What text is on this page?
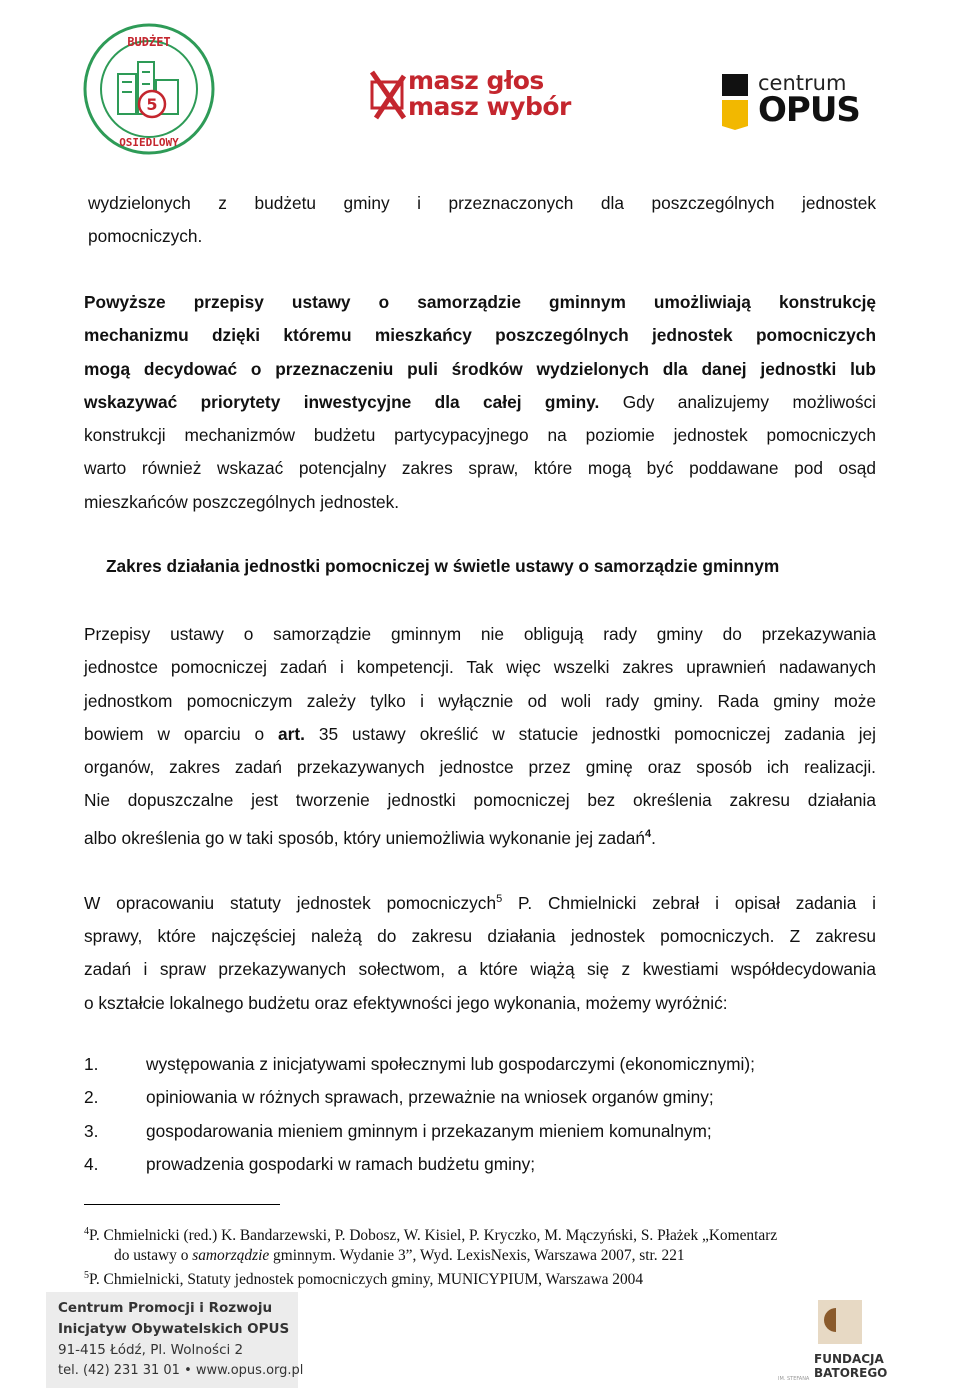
5
BUDŻET
OSIEDLOWY
masz głos
masz wybór
centrum
OPUS
wydzielonych z budżetu gminy i przeznaczonych dla poszczególnych jednostek
pomocniczych.
Powyższe przepisy ustawy o samorządzie gminnym umożliwiają konstrukcję
mechanizmu dzięki któremu mieszkańcy poszczególnych jednostek pomocniczych
mogą decydować o przeznaczeniu puli środków wydzielonych dla danej jednostki lub
wskazywać priorytety inwestycyjne dla całej gminy. Gdy analizujemy możliwości
konstrukcji mechanizmów budżetu partycypacyjnego na poziomie jednostek pomocniczych
warto również wskazać potencjalny zakres spraw, które mogą być poddawane pod osąd
mieszkańców poszczególnych jednostek.
Zakres działania jednostki pomocniczej w świetle ustawy o samorządzie gminnym
Przepisy ustawy o samorządzie gminnym nie obligują rady gminy do przekazywania
jednostce pomocniczej zadań i kompetencji. Tak więc wszelki zakres uprawnień nadawanych
jednostkom pomocniczym zależy tylko i wyłącznie od woli rady gminy. Rada gminy może
bowiem w oparciu o art. 35 ustawy określić w statucie jednostki pomocniczej zadania jej
organów, zakres zadań przekazywanych jednostce przez gminę oraz sposób ich realizacji.
Nie dopuszczalne jest tworzenie jednostki pomocniczej bez określenia zakresu działania
albo określenia go w taki sposób, który uniemożliwia wykonanie jej zadań$^4$.
W opracowaniu statuty jednostek pomocniczych$^5$ P. Chmielnicki zebrał i opisał zadania i
sprawy, które najczęściej należą do zakresu działania jednostek pomocniczych. Z zakresu
zadań i spraw przekazywanych sołectwom, a które wiążą się z kwestiami współdecydowania
o kształcie lokalnego budżetu oraz efektywności jego wykonania, możemy wyróżnić:
1.	występowania z inicjatywami społecznymi lub gospodarczymi (ekonomicznymi);
2.	opiniowania w różnych sprawach, przeważnie na wniosek organów gminy;
3.	gospodarowania mieniem gminnym i przekazanym mieniem komunalnym;
4.	prowadzenia gospodarki w ramach budżetu gminy;
$^4$P. Chmielnicki (red.) K. Bandarzewski, P. Dobosz, W. Kisiel, P. Kryczko, M. Mączyński, S. Płażek „Komentarz
do ustawy o samorządzie gminnym. Wydanie 3”, Wyd. LexisNexis, Warszawa 2007, str. 221
$^5$P. Chmielnicki, Statuty jednostek pomocniczych gminy, MUNICYPIUM, Warszawa 2004
Centrum Promocji i Rozwoju
Inicjatyw Obywatelskich OPUS
91-415 Łódź, Pl. Wolności 2
tel. (42) 231 31 01 • www.opus.org.pl
FUNDACJA
BATOREGO
IM. STEFANA
